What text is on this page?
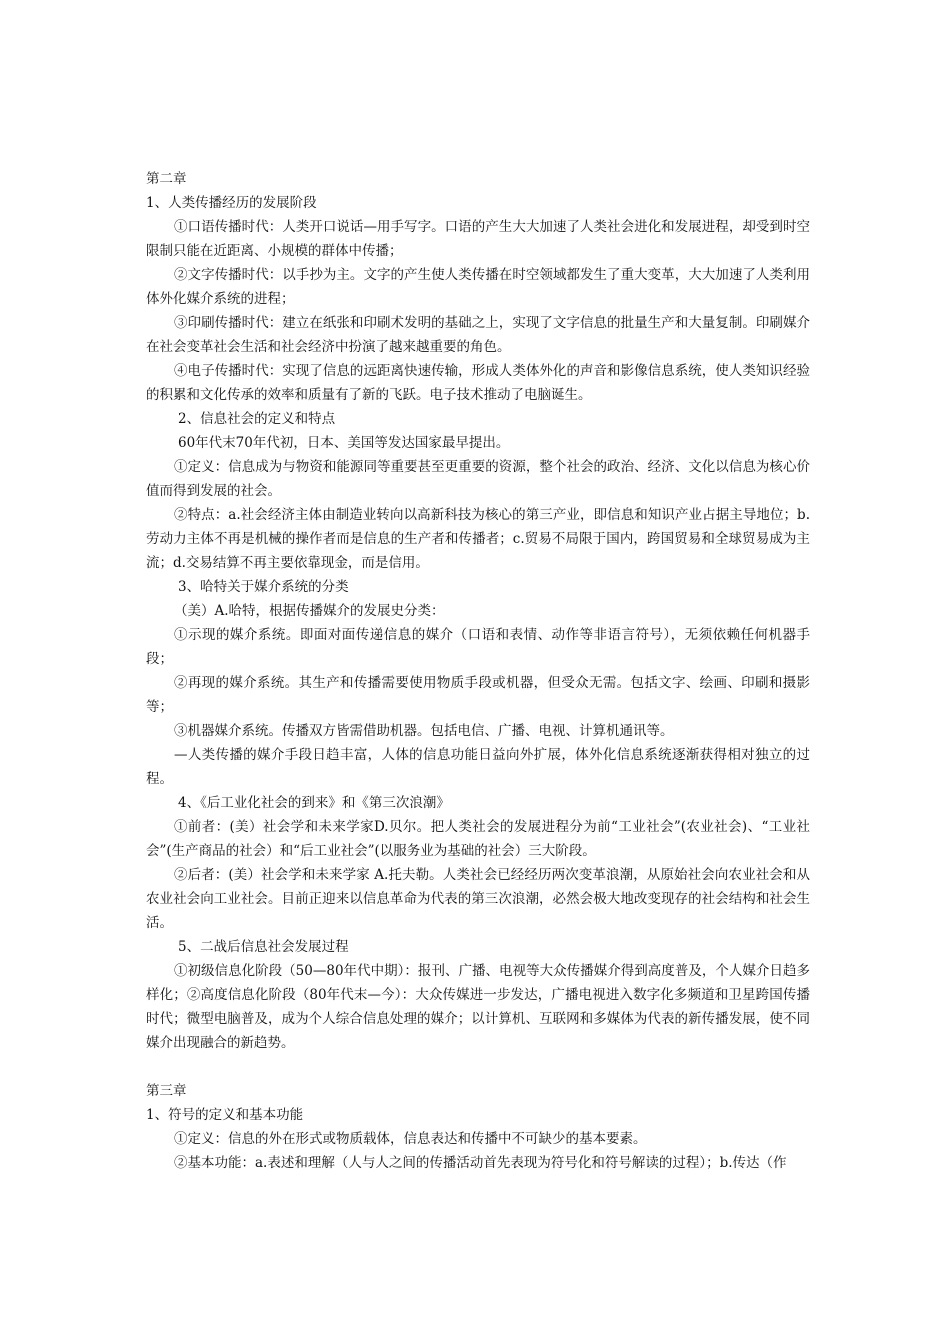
第二章

1、人类传播经历的发展阶段

①口语传播时代：人类开口说话—用手写字。口语的产生大大加速了人类社会进化和发展进程，却受到时空限制只能在近距离、小规模的群体中传播；

②文字传播时代：以手抄为主。文字的产生使人类传播在时空领域都发生了重大变革，大大加速了人类利用体外化媒介系统的进程；

③印刷传播时代：建立在纸张和印刷术发明的基础之上，实现了文字信息的批量生产和大量复制。印刷媒介在社会变革社会生活和社会经济中扮演了越来越重要的角色。

④电子传播时代：实现了信息的远距离快速传输，形成人类体外化的声音和影像信息系统，使人类知识经验的积累和文化传承的效率和质量有了新的飞跃。电子技术推动了电脑诞生。

2、信息社会的定义和特点

60年代末70年代初，日本、美国等发达国家最早提出。

①定义：信息成为与物资和能源同等重要甚至更重要的资源，整个社会的政治、经济、文化以信息为核心价值而得到发展的社会。

②特点：a.社会经济主体由制造业转向以高新科技为核心的第三产业，即信息和知识产业占据主导地位；b.劳动力主体不再是机械的操作者而是信息的生产者和传播者；c.贸易不局限于国内，跨国贸易和全球贸易成为主流；d.交易结算不再主要依靠现金，而是信用。

3、哈特关于媒介系统的分类

（美）A.哈特，根据传播媒介的发展史分类：

①示现的媒介系统。即面对面传递信息的媒介（口语和表情、动作等非语言符号），无须依赖任何机器手段；

②再现的媒介系统。其生产和传播需要使用物质手段或机器，但受众无需。包括文字、绘画、印刷和摄影等；

③机器媒介系统。传播双方皆需借助机器。包括电信、广播、电视、计算机通讯等。

—人类传播的媒介手段日趋丰富，人体的信息功能日益向外扩展，体外化信息系统逐渐获得相对独立的过程。

4、《后工业化社会的到来》和《第三次浪潮》

①前者：(美）社会学和未来学家D.贝尔。把人类社会的发展进程分为前“工业社会”(农业社会)、“工业社会”(生产商品的社会）和“后工业社会”(以服务业为基础的社会）三大阶段。

②后者：(美）社会学和未来学家 A.托夫勒。人类社会已经经历两次变革浪潮，从原始社会向农业社会和从农业社会向工业社会。目前正迎来以信息革命为代表的第三次浪潮，必然会极大地改变现存的社会结构和社会生活。

5、二战后信息社会发展过程

①初级信息化阶段（50—80年代中期）：报刊、广播、电视等大众传播媒介得到高度普及，个人媒介日趋多样化；②高度信息化阶段（80年代末—今）：大众传媒进一步发达，广播电视进入数字化多频道和卫星跨国传播时代；微型电脑普及，成为个人综合信息处理的媒介；以计算机、互联网和多媒体为代表的新传播发展，使不同媒介出现融合的新趋势。

第三章

1、符号的定义和基本功能

①定义：信息的外在形式或物质载体，信息表达和传播中不可缺少的基本要素。

②基本功能：a.表述和理解（人与人之间的传播活动首先表现为符号化和符号解读的过程）；b.传达（作
